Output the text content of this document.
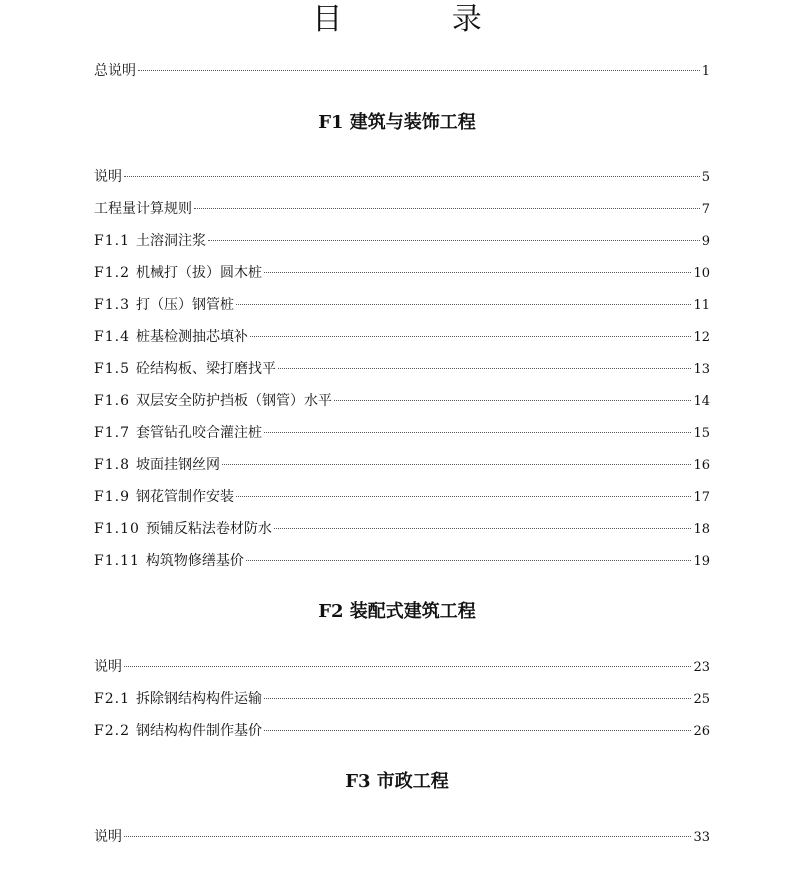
目 录
总说明	1
F1 建筑与装饰工程
说明	5
工程量计算规则	7
F1.1 土溶洞注浆	9
F1.2 机械打（拔）圆木桩	10
F1.3 打（压）钢管桩	11
F1.4 桩基检测抽芯填补	12
F1.5 砼结构板、梁打磨找平	13
F1.6 双层安全防护挡板（钢管）水平	14
F1.7 套管钻孔咬合灌注桩	15
F1.8 坡面挂钢丝网	16
F1.9 钢花管制作安装	17
F1.10 预铺反粘法卷材防水	18
F1.11 构筑物修缮基价	19
F2 装配式建筑工程
说明	23
F2.1 拆除钢结构构件运输	25
F2.2 钢结构构件制作基价	26
F3 市政工程
说明	33
